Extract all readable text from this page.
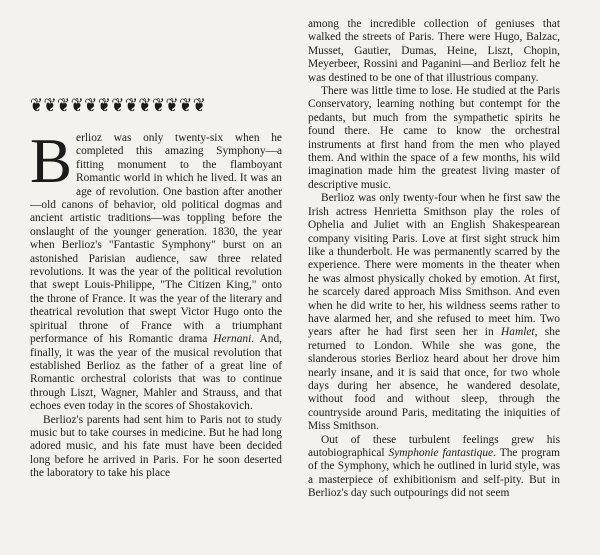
❦❦❦❦❦❦❦❦❦❦❦❦❦

Berlioz was only twenty-six when he completed this amazing Symphony—a fitting monument to the flamboyant Romantic world in which he lived. It was an age of revolution. One bastion after another—old canons of behavior, old political dogmas and ancient artistic traditions—was toppling before the onslaught of the younger generation. 1830, the year when Berlioz's "Fantastic Symphony" burst on an astonished Parisian audience, saw three related revolutions. It was the year of the political revolution that swept Louis-Philippe, "The Citizen King," onto the throne of France. It was the year of the literary and theatrical revolution that swept Victor Hugo onto the spiritual throne of France with a triumphant performance of his Romantic drama Hernani. And, finally, it was the year of the musical revolution that established Berlioz as the father of a great line of Romantic orchestral colorists that was to continue through Liszt, Wagner, Mahler and Strauss, and that echoes even today in the scores of Shostakovich.

Berlioz's parents had sent him to Paris not to study music but to take courses in medicine. But he had long adored music, and his fate must have been decided long before he arrived in Paris. For he soon deserted the laboratory to take his place

among the incredible collection of geniuses that walked the streets of Paris. There were Hugo, Balzac, Musset, Gautier, Dumas, Heine, Liszt, Chopin, Meyerbeer, Rossini and Paganini—and Berlioz felt he was destined to be one of that illustrious company.

There was little time to lose. He studied at the Paris Conservatory, learning nothing but contempt for the pedants, but much from the sympathetic spirits he found there. He came to know the orchestral instruments at first hand from the men who played them. And within the space of a few months, his wild imagination made him the greatest living master of descriptive music.

Berlioz was only twenty-four when he first saw the Irish actress Henrietta Smithson play the roles of Ophelia and Juliet with an English Shakespearean company visiting Paris. Love at first sight struck him like a thunderbolt. He was permanently scarred by the experience. There were moments in the theater when he was almost physically choked by emotion. At first, he scarcely dared approach Miss Smithson. And even when he did write to her, his wildness seems rather to have alarmed her, and she refused to meet him. Two years after he had first seen her in Hamlet, she returned to London. While she was gone, the slanderous stories Berlioz heard about her drove him nearly insane, and it is said that once, for two whole days during her absence, he wandered desolate, without food and without sleep, through the countryside around Paris, meditating the iniquities of Miss Smithson.

Out of these turbulent feelings grew his autobiographical Symphonie fantastique. The program of the Symphony, which he outlined in lurid style, was a masterpiece of exhibitionism and self-pity. But in Berlioz's day such outpourings did not seem
